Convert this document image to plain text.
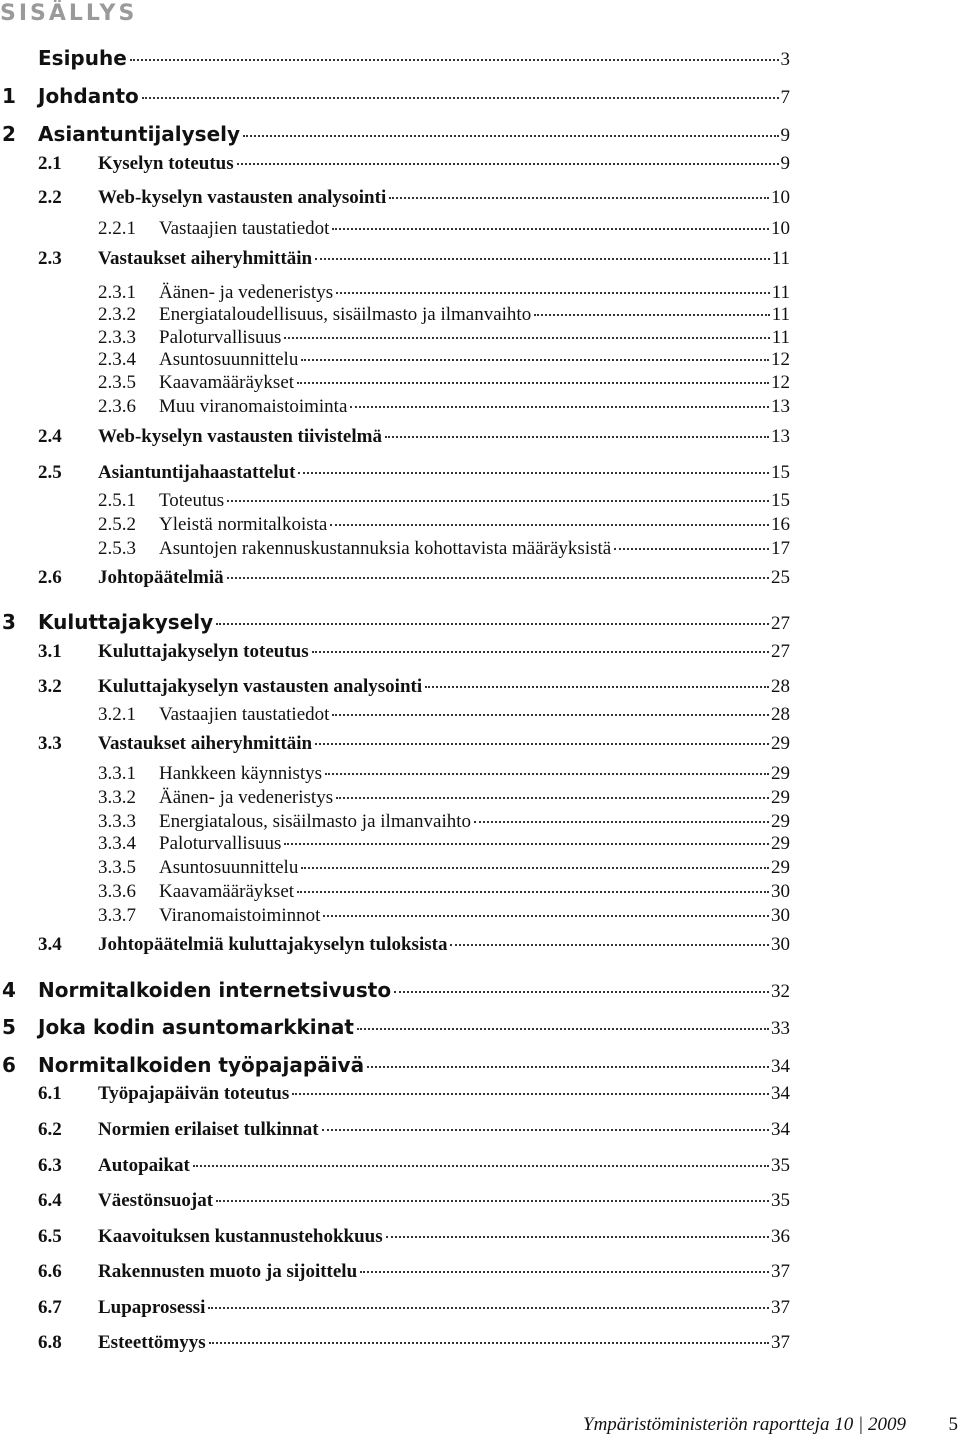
SISÄLLYS
Esipuhe	3
1	Johdanto	7
2	Asiantuntijalysely	9
2.1	Kyselyn toteutus	9
2.2	Web-kyselyn vastausten analysointi	10
2.2.1	Vastaajien taustatiedot	10
2.3	Vastaukset aiheryhmittäin	11
2.3.1	Äänen- ja vedeneristys	11
2.3.2	Energiataloudellisuus, sisäilmasto ja ilmanvaihto	11
2.3.3	Paloturvallisuus	11
2.3.4	Asuntosuunnittelu	12
2.3.5	Kaavamääräykset	12
2.3.6	Muu viranomaistoiminta	13
2.4	Web-kyselyn vastausten tiivistelmä	13
2.5	Asiantuntijahaastattelut	15
2.5.1	Toteutus	15
2.5.2	Yleistä normitalkoista	16
2.5.3	Asuntojen rakennuskustannuksia kohottavista määräyksistä	17
2.6	Johtopäätelmiä	25
3	Kuluttajakysely	27
3.1	Kuluttajakyselyn toteutus	27
3.2	Kuluttajakyselyn vastausten analysointi	28
3.2.1	Vastaajien taustatiedot	28
3.3	Vastaukset aiheryhmittäin	29
3.3.1	Hankkeen käynnistys	29
3.3.2	Äänen- ja vedeneristys	29
3.3.3	Energiatalous, sisäilmasto ja ilmanvaihto	29
3.3.4	Paloturvallisuus	29
3.3.5	Asuntosuunnittelu	29
3.3.6	Kaavamääräykset	30
3.3.7	Viranomaistoiminnot	30
3.4	Johtopäätelmiä kuluttajakyselyn tuloksista	30
4	Normitalkoiden internetsivusto	32
5	Joka kodin asuntomarkkinat	33
6	Normitalkoiden työpajapäivä	34
6.1	Työpajapäivän toteutus	34
6.2	Normien erilaiset tulkinnat	34
6.3	Autopaikat	35
6.4	Väestönsuojat	35
6.5	Kaavoituksen kustannustehokkuus	36
6.6	Rakennusten muoto ja sijoittelu	37
6.7	Lupaprosessi	37
6.8	Esteettömyys	37
Ympäristöministeriön raportteja 10 | 2009 5
